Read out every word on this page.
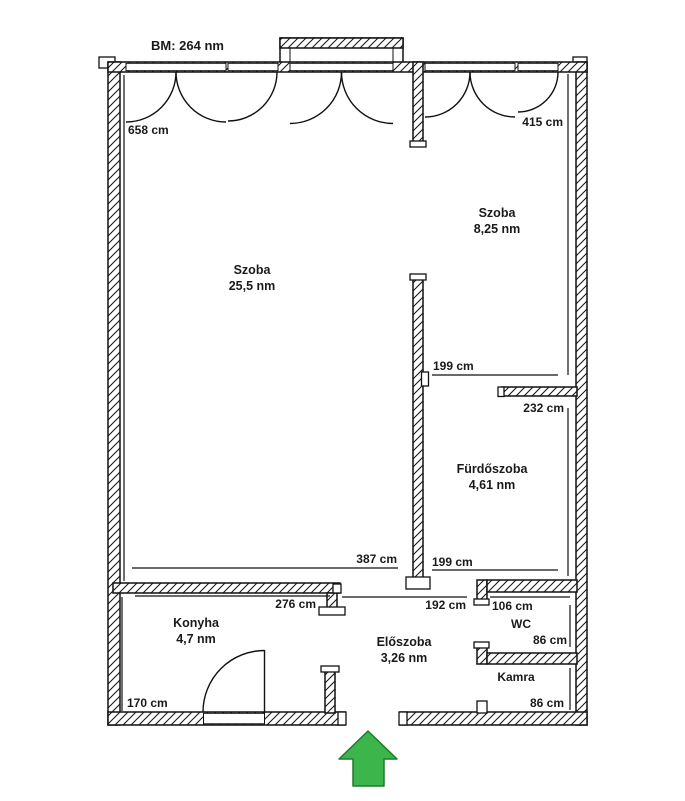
BM: 264 nm
Szoba
25,5 nm
Szoba
8,25 nm
Fürdőszoba
4,61 nm
Konyha
4,7 nm	Előszoba
3,26 nm
WC
Kamra
658 cm
415 cm
199 cm
232 cm
387 cm	199 cm
276 cm	192 cm 106 cm
86 cm
86 cm
170 cm
